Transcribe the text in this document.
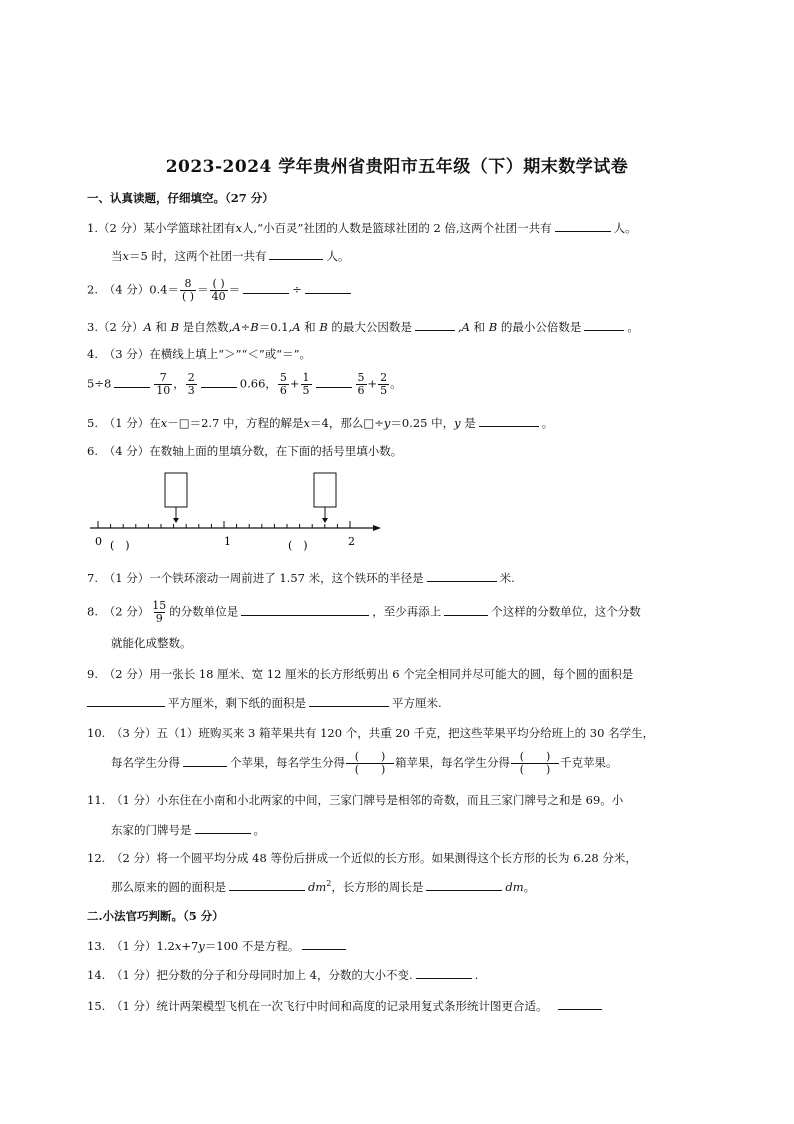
2023-2024 学年贵州省贵阳市五年级（下）期末数学试卷
一、认真读题，仔细填空。（27 分）
1.（2 分）某小学篮球社团有x人,“小百灵”社团的人数是篮球社团的 2 倍,这两个社团一共有	人。
当x＝5 时，这两个社团一共有	人。
2.　（4 分）$0.4= \frac{8}{( )} = \frac{( )}{40}$ ＝	÷
3.（2 分）A 和 B 是自然数,A÷B＝0.1,A 和 B 的最大公因数是	,A 和 B 的最小公倍数是	。
4.　（3 分）在横线上填上“＞”“＜”或“＝”。
5÷8	$\frac{7}{10}$ ， $\frac{2}{3}$	0.66， $\frac{5}{6} + \frac{1}{5}$	$\frac{5}{6} + \frac{2}{5}$ 。
5.　（1 分）在x－□＝2.7 中，方程的解是x＝4，那么□÷y＝0.25 中，y 是	。
6.　（4 分）在数轴上面的里填分数，在下面的括号里填小数。
0	1	2
(　)	(　)
7.　（1 分）一个铁环滚动一周前进了 1.57 米，这个铁环的半径是	米.
8.　（2 分） $\frac{15}{9}$ 的分数单位是	，至少再添上	个这样的分数单位，这个分数
就能化成整数。
9.　（2 分）用一张长 18 厘米、宽 12 厘米的长方形纸剪出 6 个完全相同并尽可能大的圆，每个圆的面积是
平方厘米，剩下纸的面积是	平方厘米.
10.　（3 分）五（1）班购买来 3 箱苹果共有 120 个，共重 20 千克，把这些苹果平均分给班上的 30 名学生，
每名学生分得	个苹果，每名学生分得 $\frac{( )}{( )}$ 箱苹果，每名学生分得 $\frac{( )}{( )}$ 千克苹果。
11.　（1 分）小东住在小南和小北两家的中间，三家门牌号是相邻的奇数，而且三家门牌号之和是 69。小
东家的门牌号是	。
12.　（2 分）将一个圆平均分成 48 等份后拼成一个近似的长方形。如果测得这个长方形的长为 6.28 分米，
那么原来的圆的面积是	$dm^2$，长方形的周长是	dm。
二.小法官巧判断。（5 分）
13.　（1 分）1.2x+7y＝100 不是方程。
14.　（1 分）把分数的分子和分母同时加上 4，分数的大小不变.	.
15.　（1 分）统计两架模型飞机在一次飞行中时间和高度的记录用复式条形统计图更合适。
